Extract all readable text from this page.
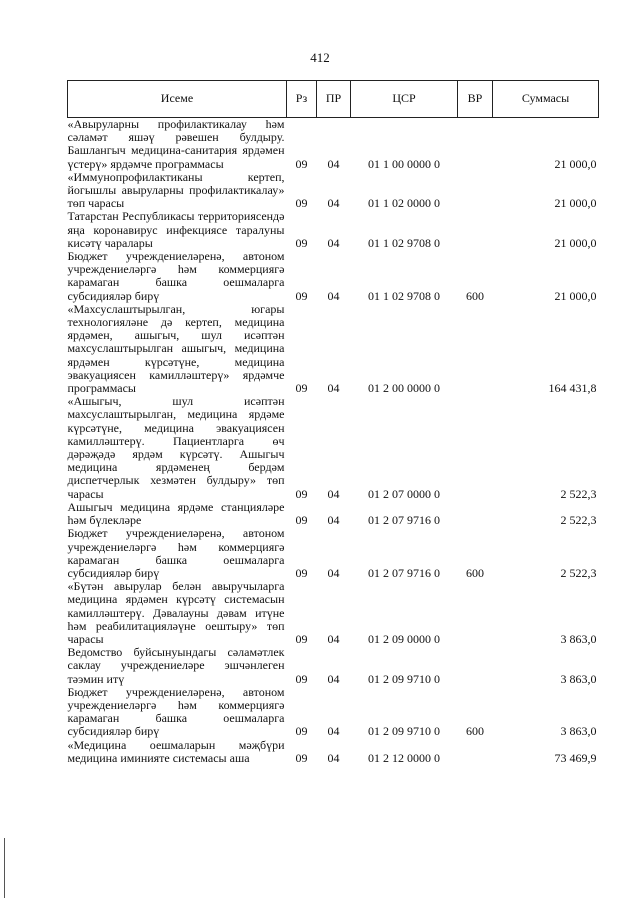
412
Исеме	Рз	ПР	ЦСР	ВР	Суммасы
«Авыруларны профилактикалау һәм сәламәт яшәү рәвешен булдыру. Башлангыч медицина-санитария ярдәмен үстерү» ярдәмче программасы	09	04	01 1 00 0000 0		21 000,0
«Иммунопрофилактиканы кертеп, йогышлы авыруларны профилактикалау» төп чарасы	09	04	01 1 02 0000 0		21 000,0
Татарстан Республикасы территориясендә яңа коронавирус инфекциясе таралуны кисәтү чаралары	09	04	01 1 02 9708 0		21 000,0
Бюджет учреждениеләренә, автоном учреждениеләргә һәм коммерциягә карамаган башка оешмаларга субсидияләр бирү	09	04	01 1 02 9708 0	600	21 000,0
«Махсуслаштырылган, югары технологияләне дә кертеп, медицина ярдәмен, ашыгыч, шул исәптән махсуслаштырылган ашыгыч, медицина ярдәмен күрсәтүне, медицина эвакуациясен камилләштерү» ярдәмче программасы	09	04	01 2 00 0000 0		164 431,8
«Ашыгыч, шул исәптән махсуслаштырылган, медицина ярдәме күрсәтүне, медицина эвакуациясен камилләштерү. Пациентларга өч дәрәҗәдә ярдәм күрсәтү. Ашыгыч медицина ярдәменең бердәм диспетчерлык хезмәтен булдыру» төп чарасы	09	04	01 2 07 0000 0		2 522,3
Ашыгыч медицина ярдәме станцияләре һәм бүлекләре	09	04	01 2 07 9716 0		2 522,3
Бюджет учреждениеләренә, автоном учреждениеләргә һәм коммерциягә карамаган башка оешмаларга субсидияләр бирү	09	04	01 2 07 9716 0	600	2 522,3
«Бүтән авырулар белән авыручыларга медицина ярдәмен күрсәтү системасын камилләштерү. Дәвалауны дәвам итүне һәм реабилитацияләүне оештыру» төп чарасы	09	04	01 2 09 0000 0		3 863,0
Ведомство буйсынуындагы сәламәтлек саклау учреждениеләре эшчәнлеген тәэмин итү	09	04	01 2 09 9710 0		3 863,0
Бюджет учреждениеләренә, автоном учреждениеләргә һәм коммерциягә карамаган башка оешмаларга субсидияләр бирү	09	04	01 2 09 9710 0	600	3 863,0
«Медицина оешмаларын мәҗбүри медицина иминияте системасы аша	09	04	01 2 12 0000 0		73 469,9
